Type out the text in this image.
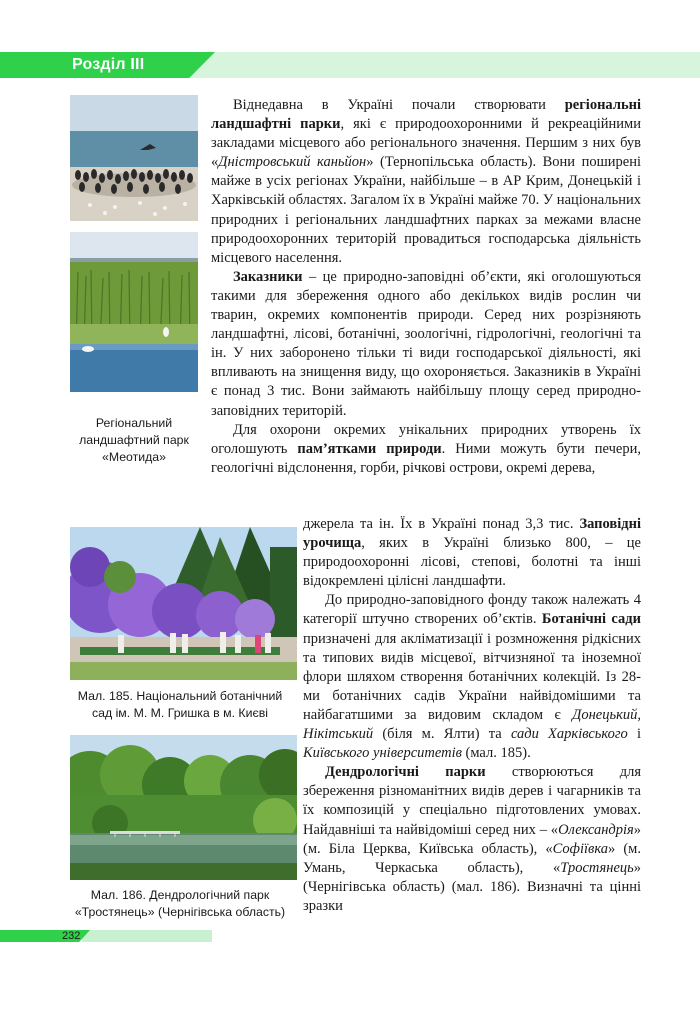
Розділ ІІІ
Регіональний
ландшафтний парк
«Меотида»
Мал. 185. Національний ботанічний
сад ім. М. М. Гришка в м. Києві
Мал. 186. Дендрологічний парк
«Тростянець» (Чернігівська область)

Віднедавна в Україні почали створювати регіональні ландшафтні парки, які є природоохоронними й рекреаційними закладами місцевого або регіонального значення. Першим з них був «Дністровський каньйон» (Тернопільська область). Вони поширені майже в усіх регіонах України, найбільше – в АР Крим, Донецькій і Харківській областях. Загалом їх в Україні майже 70. У національних природних і регіональних ландшафтних парках за межами власне природоохоронних територій провадиться господарська діяльність місцевого населення.

Заказники – це природно-заповідні об’єкти, які оголошуються такими для збереження одного або декількох видів рослин чи тварин, окремих компонентів природи. Серед них розрізняють ландшафтні, лісові, ботанічні, зоологічні, гідрологічні, геологічні та ін. У них заборонено тільки ті види господарської діяльності, які впливають на знищення виду, що охороняється. Заказників в Україні є понад 3 тис. Вони займають найбільшу площу серед природно-заповідних територій.

Для охорони окремих унікальних природних утворень їх оголошують пам’ятками природи. Ними можуть бути печери, геологічні відслонення, горби, річкові острови, окремі дерева,

джерела та ін. Їх в Україні понад 3,3 тис. Заповідні урочища, яких в Україні близько 800, – це природоохоронні лісові, степові, болотні та інші відокремлені цілісні ландшафти.

До природно-заповідного фонду також належать 4 категорії штучно створених об’єктів. Ботанічні сади призначені для акліматизації і розмноження рідкісних та типових видів місцевої, вітчизняної та іноземної флори шляхом створення ботанічних колекцій. Із 28-ми ботанічних садів України найвідомішими та найбагатшими за видовим складом є Донецький, Нікітський (біля м. Ялти) та сади Харківського і Київського університетів (мал. 185).

Дендрологічні парки створюються для збереження різноманітних видів дерев і чагарників та їх композицій у спеціально підготовлених умовах. Найдавніші та найвідоміші серед них – «Олександрія» (м. Біла Церква, Київська область), «Софіївка» (м. Умань, Черкаська область), «Тростянець» (Чернігівська область) (мал. 186). Визначні та цінні зразки

232
